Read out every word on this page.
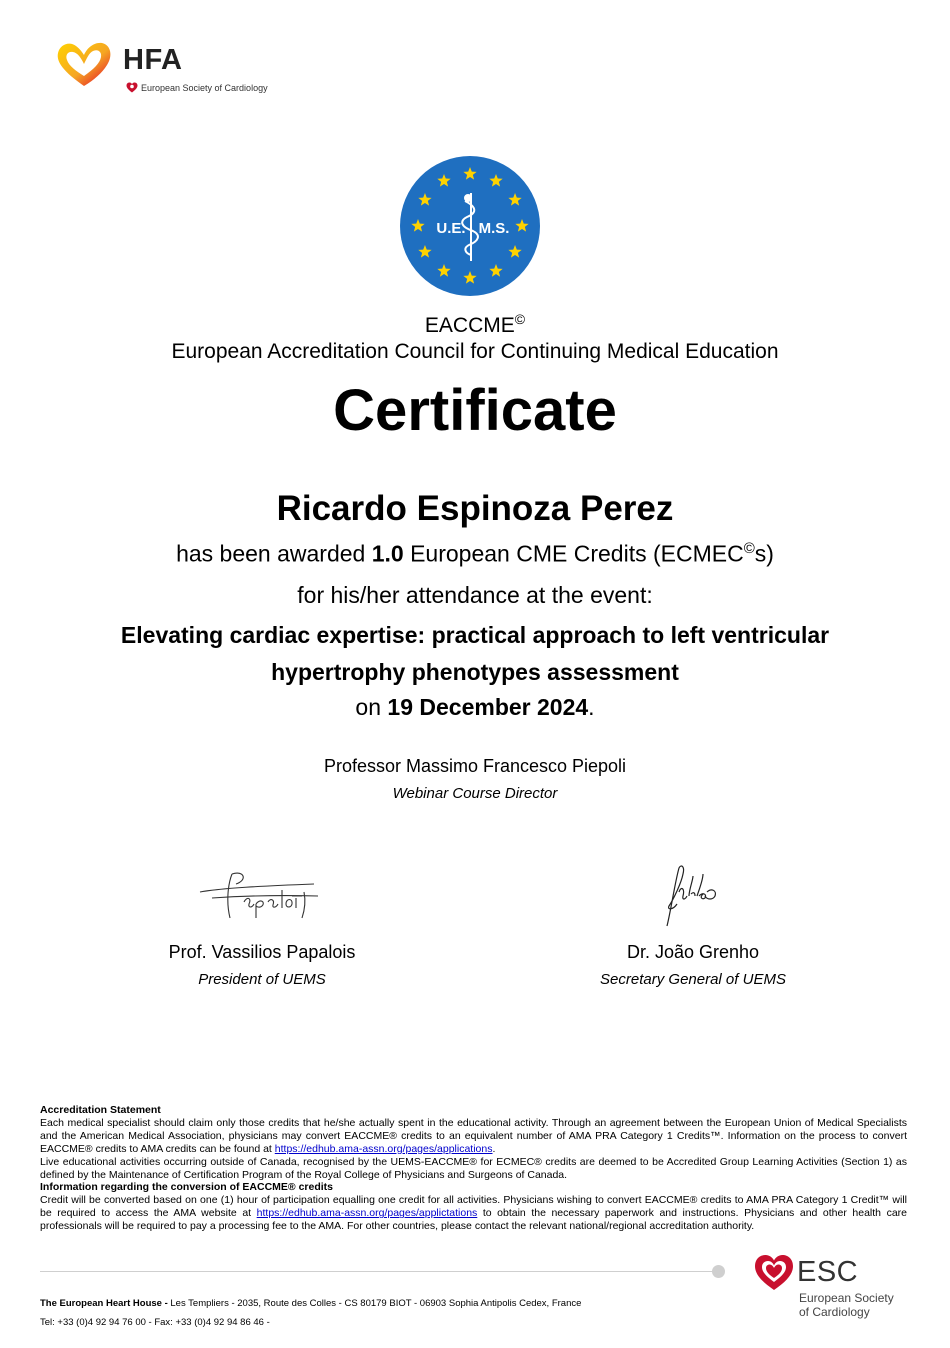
HFA
European Society of Cardiology
U.E. M.S.
EACCME©
European Accreditation Council for Continuing Medical Education
Certificate
Ricardo Espinoza Perez
has been awarded 1.0 European CME Credits (ECMEC©s)
for his/her attendance at the event:
Elevating cardiac expertise: practical approach to left ventricular hypertrophy phenotypes assessment
on 19 December 2024.
Professor Massimo Francesco Piepoli
Webinar Course Director
Prof. Vassilios Papalois
President of UEMS
Dr. João Grenho
Secretary General of UEMS
Accreditation Statement
Each medical specialist should claim only those credits that he/she actually spent in the educational activity. Through an agreement between the European Union of Medical Specialists and the American Medical Association, physicians may convert EACCME® credits to an equivalent number of AMA PRA Category 1 Credits™. Information on the process to convert EACCME® credits to AMA credits can be found at https://edhub.ama-assn.org/pages/applications.
Live educational activities occurring outside of Canada, recognised by the UEMS-EACCME® for ECMEC® credits are deemed to be Accredited Group Learning Activities (Section 1) as defined by the Maintenance of Certification Program of the Royal College of Physicians and Surgeons of Canada.
Information regarding the conversion of EACCME® credits
Credit will be converted based on one (1) hour of participation equalling one credit for all activities. Physicians wishing to convert EACCME® credits to AMA PRA Category 1 Credit™ will be required to access the AMA website at https://edhub.ama-assn.org/pages/applictations to obtain the necessary paperwork and instructions. Physicians and other health care professionals will be required to pay a processing fee to the AMA. For other countries, please contact the relevant national/regional accreditation authority.
The European Heart House - Les Templiers - 2035, Route des Colles - CS 80179 BIOT - 06903 Sophia Antipolis Cedex, France
Tel: +33 (0)4 92 94 76 00 - Fax: +33 (0)4 92 94 86 46 -
ESC
European Society
of Cardiology
